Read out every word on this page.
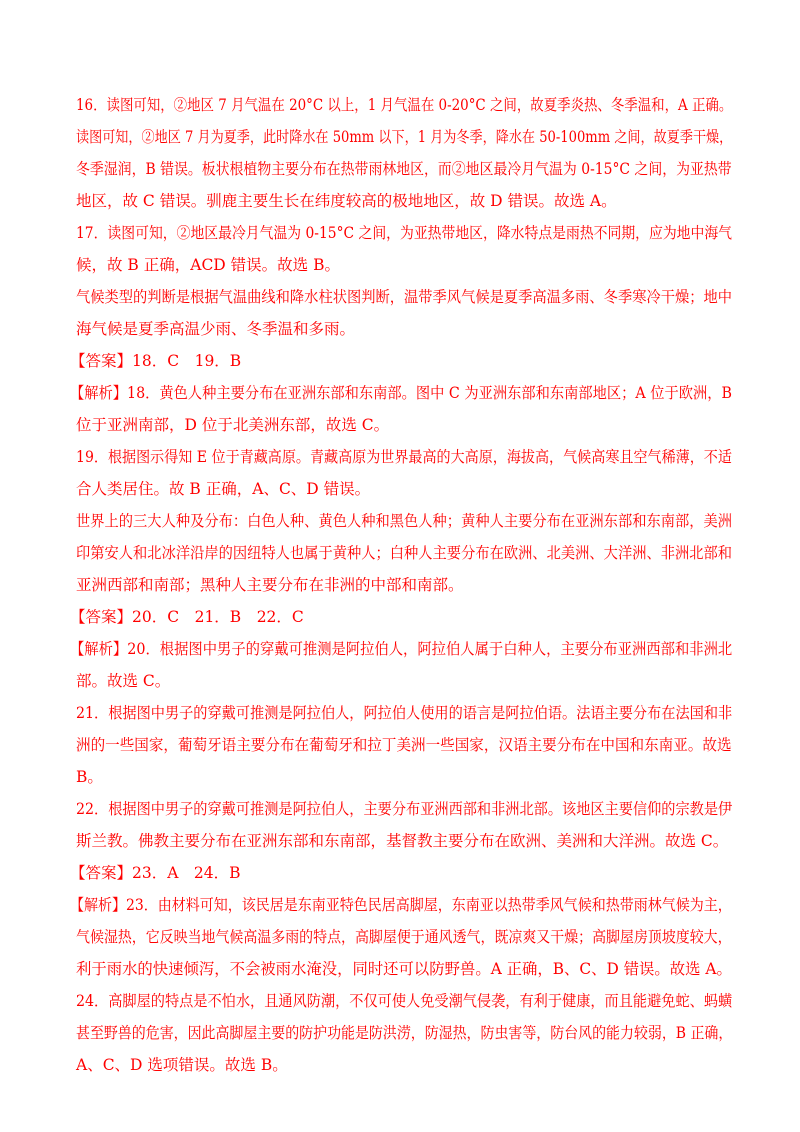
16．读图可知，②地区 7 月气温在 20°C 以上，1 月气温在 0-20°C 之间，故夏季炎热、冬季温和，A 正确。
读图可知，②地区 7 月为夏季，此时降水在 50mm 以下，1 月为冬季，降水在 50-100mm 之间，故夏季干燥，
冬季湿润，B 错误。板状根植物主要分布在热带雨林地区，而②地区最冷月气温为 0-15°C 之间，为亚热带
地区，故 C 错误。驯鹿主要生长在纬度较高的极地地区，故 D 错误。故选 A。
17．读图可知，②地区最冷月气温为 0-15°C 之间，为亚热带地区，降水特点是雨热不同期，应为地中海气
候，故 B 正确，ACD 错误。故选 B。
气候类型的判断是根据气温曲线和降水柱状图判断，温带季风气候是夏季高温多雨、冬季寒冷干燥；地中
海气候是夏季高温少雨、冬季温和多雨。
【答案】18．C　19．B
【解析】18．黄色人种主要分布在亚洲东部和东南部。图中 C 为亚洲东部和东南部地区；A 位于欧洲，B
位于亚洲南部，D 位于北美洲东部，故选 C。
19．根据图示得知 E 位于青藏高原。青藏高原为世界最高的大高原，海拔高，气候高寒且空气稀薄，不适
合人类居住。故 B 正确，A、C、D 错误。
世界上的三大人种及分布：白色人种、黄色人种和黑色人种；黄种人主要分布在亚洲东部和东南部，美洲
印第安人和北冰洋沿岸的因纽特人也属于黄种人；白种人主要分布在欧洲、北美洲、大洋洲、非洲北部和
亚洲西部和南部；黑种人主要分布在非洲的中部和南部。
【答案】20．C　21．B　22．C
【解析】20．根据图中男子的穿戴可推测是阿拉伯人，阿拉伯人属于白种人，主要分布亚洲西部和非洲北
部。故选 C。
21．根据图中男子的穿戴可推测是阿拉伯人，阿拉伯人使用的语言是阿拉伯语。法语主要分布在法国和非
洲的一些国家，葡萄牙语主要分布在葡萄牙和拉丁美洲一些国家，汉语主要分布在中国和东南亚。故选
B。
22．根据图中男子的穿戴可推测是阿拉伯人，主要分布亚洲西部和非洲北部。该地区主要信仰的宗教是伊
斯兰教。佛教主要分布在亚洲东部和东南部，基督教主要分布在欧洲、美洲和大洋洲。故选 C。
【答案】23．A　24．B
【解析】23．由材料可知，该民居是东南亚特色民居高脚屋，东南亚以热带季风气候和热带雨林气候为主，
气候湿热，它反映当地气候高温多雨的特点，高脚屋便于通风透气，既凉爽又干燥；高脚屋房顶坡度较大，
利于雨水的快速倾泻，不会被雨水淹没，同时还可以防野兽。A 正确，B、C、D 错误。故选 A。
24．高脚屋的特点是不怕水，且通风防潮，不仅可使人免受潮气侵袭，有利于健康，而且能避免蛇、蚂蟥
甚至野兽的危害，因此高脚屋主要的防护功能是防洪涝，防湿热，防虫害等，防台风的能力较弱，B 正确，
A、C、D 选项错误。故选 B。
